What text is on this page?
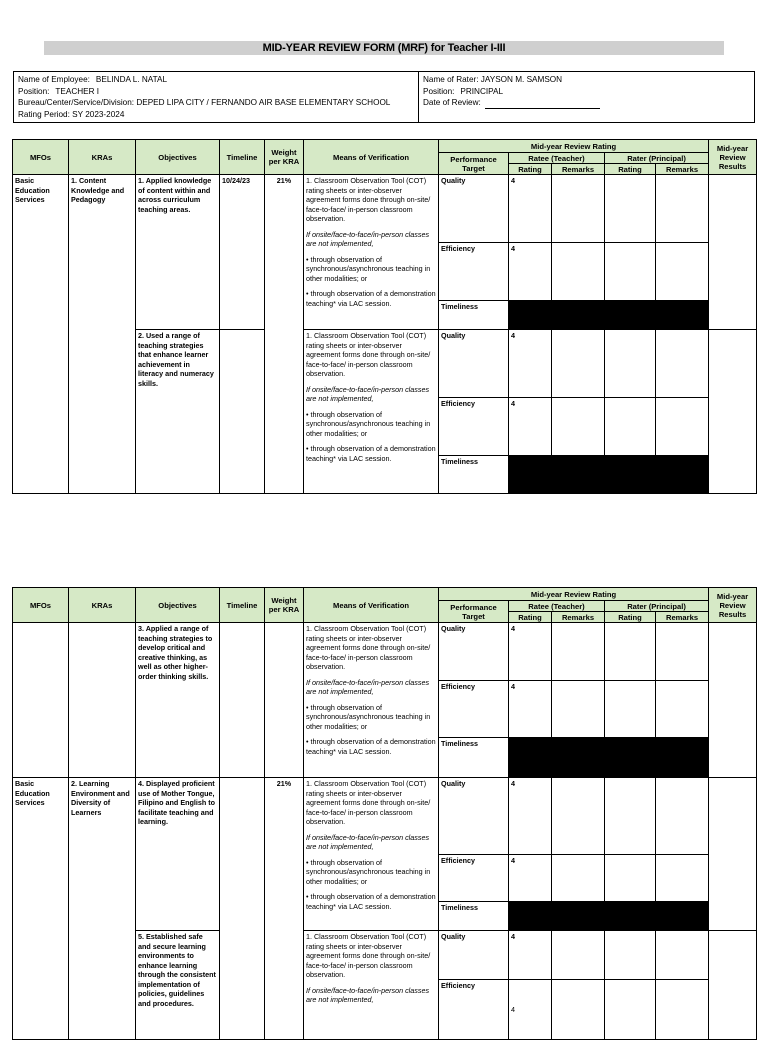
MID-YEAR REVIEW FORM (MRF) for Teacher I-III
Name of Employee: BELINDA L. NATAL
Position: TEACHER I
Bureau/Center/Service/Division: DEPED LIPA CITY / FERNANDO AIR BASE ELEMENTARY SCHOOL
Rating Period: SY 2023-2024
Name of Rater: JAYSON M. SAMSON
Position: PRINCIPAL
Date of Review:
MFOs	KRAs	Objectives	Timeline	Weight per KRA	Means of Verification	Mid-year Review Rating					Mid-year Review Results
						Performance Target	Ratee (Teacher)		Rater (Principal)		
							Rating	Remarks	Rating	Remarks	
Basic Education Services	1. Content Knowledge and Pedagogy	1. Applied knowledge of content within and across curriculum teaching areas.	10/24/23	21%	1. Classroom Observation Tool (COT) rating sheets or inter-observer agreement forms done through on-site/ face-to-face/ in-person classroom observation.

If onsite/face-to-face/in-person classes are not implemented,

• through observation of synchronous/asynchronous teaching in other modalities; or

• through observation of a demonstration teaching* via LAC session.	Quality	4				
						Efficiency	4				
						Timeliness					
		2. Used a range of teaching strategies that enhance learner achievement in literacy and numeracy skills.			1. Classroom Observation Tool (COT) rating sheets or inter-observer agreement forms done through on-site/ face-to-face/ in-person classroom observation.

If onsite/face-to-face/in-person classes are not implemented,

• through observation of synchronous/asynchronous teaching in other modalities; or

• through observation of a demonstration teaching* via LAC session.	Quality	4				
						Efficiency	4				
						Timeliness					
MFOs	KRAs	Objectives	Timeline	Weight per KRA	Means of Verification	Mid-year Review Rating					Mid-year Review Results
						Performance Target	Ratee (Teacher)		Rater (Principal)		
							Rating	Remarks	Rating	Remarks	
		3. Applied a range of teaching strategies to develop critical and creative thinking, as well as other higher-order thinking skills.			1. Classroom Observation Tool (COT) rating sheets or inter-observer agreement forms done through on-site/ face-to-face/ in-person classroom observation.

If onsite/face-to-face/in-person classes are not implemented,

• through observation of synchronous/asynchronous teaching in other modalities; or

• through observation of a demonstration teaching* via LAC session.	Quality	4				
						Efficiency	4				
						Timeliness					
Basic Education Services	2. Learning Environment and Diversity of Learners	4. Displayed proficient use of Mother Tongue, Filipino and English to facilitate teaching and learning.		21%	1. Classroom Observation Tool (COT) rating sheets or inter-observer agreement forms done through on-site/ face-to-face/ in-person classroom observation.

If onsite/face-to-face/in-person classes are not implemented,

• through observation of synchronous/asynchronous teaching in other modalities; or

• through observation of a demonstration teaching* via LAC session.	Quality	4				
						Efficiency	4				
						Timeliness					
		5. Established safe and secure learning environments to enhance learning through the consistent implementation of policies, guidelines and procedures.			1. Classroom Observation Tool (COT) rating sheets or inter-observer agreement forms done through on-site/ face-to-face/ in-person classroom observation.

If onsite/face-to-face/in-person classes are not implemented,	Quality	4				
						Efficiency	4				
